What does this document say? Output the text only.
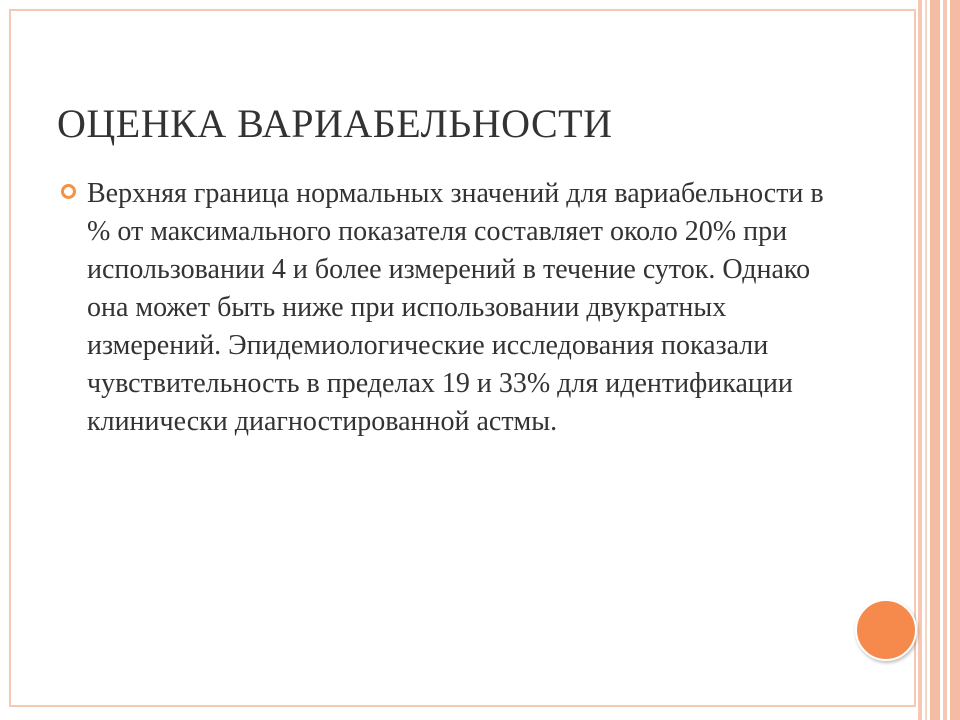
ОЦЕНКА ВАРИАБЕЛЬНОСТИ

Верхняя граница нормальных значений для вариабельности в % от максимального показателя составляет около 20% при использовании 4 и более измерений в течение суток. Однако она может быть ниже при использовании двукратных измерений. Эпидемиологические исследования показали чувствительность в пределах 19 и 33% для идентификации клинически диагностированной астмы.
